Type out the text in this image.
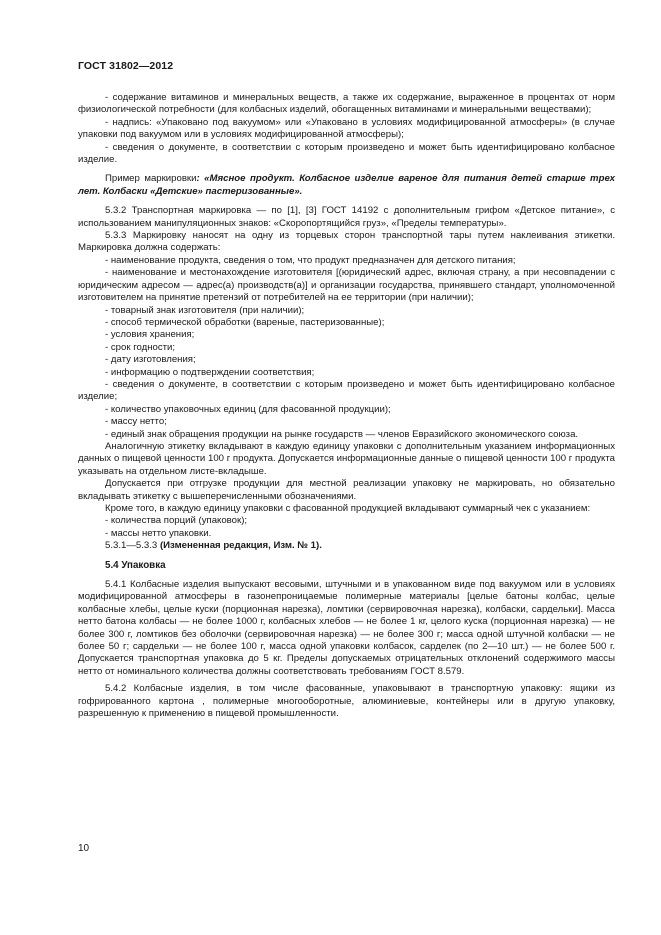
ГОСТ 31802—2012

- содержание витаминов и минеральных веществ, а также их содержание, выраженное в процентах от норм физиологической потребности (для колбасных изделий, обогащенных витаминами и минеральными веществами);

- надпись: «Упаковано под вакуумом» или «Упаковано в условиях модифицированной атмосферы» (в случае упаковки под вакуумом или в условиях модифицированной атмосферы);

- сведения о документе, в соответствии с которым произведено и может быть идентифицировано колбасное изделие.

Пример маркировки: «Мясное продукт. Колбасное изделие вареное для питания детей старше трех лет. Колбаски «Детские» пастеризованные».

5.3.2 Транспортная маркировка — по [1], [3] ГОСТ 14192 с дополнительным грифом «Детское питание», с использованием манипуляционных знаков: «Скоропортящийся груз», «Пределы температуры».

5.3.3 Маркировку наносят на одну из торцевых сторон транспортной тары путем наклеивания этикетки. Маркировка должна содержать:

- наименование продукта, сведения о том, что продукт предназначен для детского питания;

- наименование и местонахождение изготовителя [(юридический адрес, включая страну, а при несовпадении с юридическим адресом — адрес(а) производств(а)] и организации государства, принявшего стандарт, уполномоченной изготовителем на принятие претензий от потребителей на ее территории (при наличии);

- товарный знак изготовителя (при наличии);

- способ термической обработки (вареные, пастеризованные);

- условия хранения;

- срок годности;

- дату изготовления;

- информацию о подтверждении соответствия;

- сведения о документе, в соответствии с которым произведено и может быть идентифицировано колбасное изделие;

- количество упаковочных единиц (для фасованной продукции);

- массу нетто;

- единый знак обращения продукции на рынке государств — членов Евразийского экономического союза.

Аналогичную этикетку вкладывают в каждую единицу упаковки с дополнительным указанием информационных данных о пищевой ценности 100 г продукта. Допускается информационные данные о пищевой ценности 100 г продукта указывать на отдельном листе-вкладыше.

Допускается при отгрузке продукции для местной реализации упаковку не маркировать, но обязательно вкладывать этикетку с вышеперечисленными обозначениями.

Кроме того, в каждую единицу упаковки с фасованной продукцией вкладывают суммарный чек с указанием:

- количества порций (упаковок);

- массы нетто упаковки.

5.3.1—5.3.3 (Измененная редакция, Изм. № 1).

5.4 Упаковка

5.4.1 Колбасные изделия выпускают весовыми, штучными и в упакованном виде под вакуумом или в условиях модифицированной атмосферы в газонепроницаемые полимерные материалы [целые батоны колбас, целые колбасные хлебы, целые куски (порционная нарезка), ломтики (сервировочная нарезка), колбаски, сардельки]. Масса нетто батона колбасы — не более 1000 г, колбасных хлебов — не более 1 кг, целого куска (порционная нарезка) — не более 300 г, ломтиков без оболочки (сервировочная нарезка) — не более 300 г; масса одной штучной колбаски — не более 50 г; сардельки — не более 100 г, масса одной упаковки колбасок, сарделек (по 2—10 шт.) — не более 500 г. Допускается транспортная упаковка до 5 кг. Пределы допускаемых отрицательных отклонений содержимого массы нетто от номинального количества должны соответствовать требованиям ГОСТ 8.579.

5.4.2 Колбасные изделия, в том числе фасованные, упаковывают в транспортную упаковку: ящики из гофрированного картона , полимерные многооборотные, алюминиевые, контейнеры или в другую упаковку, разрешенную к применению в пищевой промышленности.

10
